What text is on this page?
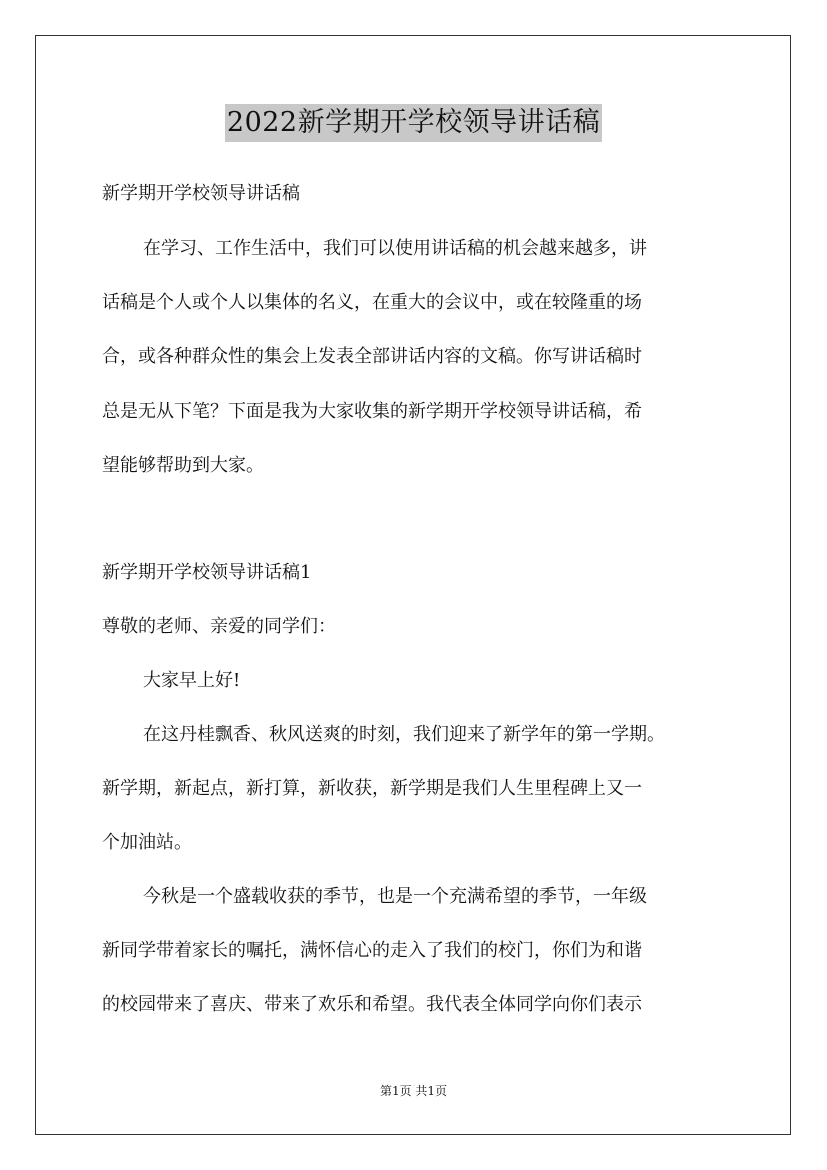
2022新学期开学校领导讲话稿
新学期开学校领导讲话稿
在学习、工作生活中，我们可以使用讲话稿的机会越来越多，讲
话稿是个人或个人以集体的名义，在重大的会议中，或在较隆重的场
合，或各种群众性的集会上发表全部讲话内容的文稿。你写讲话稿时
总是无从下笔？下面是我为大家收集的新学期开学校领导讲话稿，希
望能够帮助到大家。
新学期开学校领导讲话稿1
尊敬的老师、亲爱的同学们：
大家早上好!
在这丹桂飘香、秋风送爽的时刻，我们迎来了新学年的第一学期。
新学期，新起点，新打算，新收获，新学期是我们人生里程碑上又一
个加油站。
今秋是一个盛载收获的季节，也是一个充满希望的季节，一年级
新同学带着家长的嘱托，满怀信心的走入了我们的校门，你们为和谐
的校园带来了喜庆、带来了欢乐和希望。我代表全体同学向你们表示
第1页 共1页
